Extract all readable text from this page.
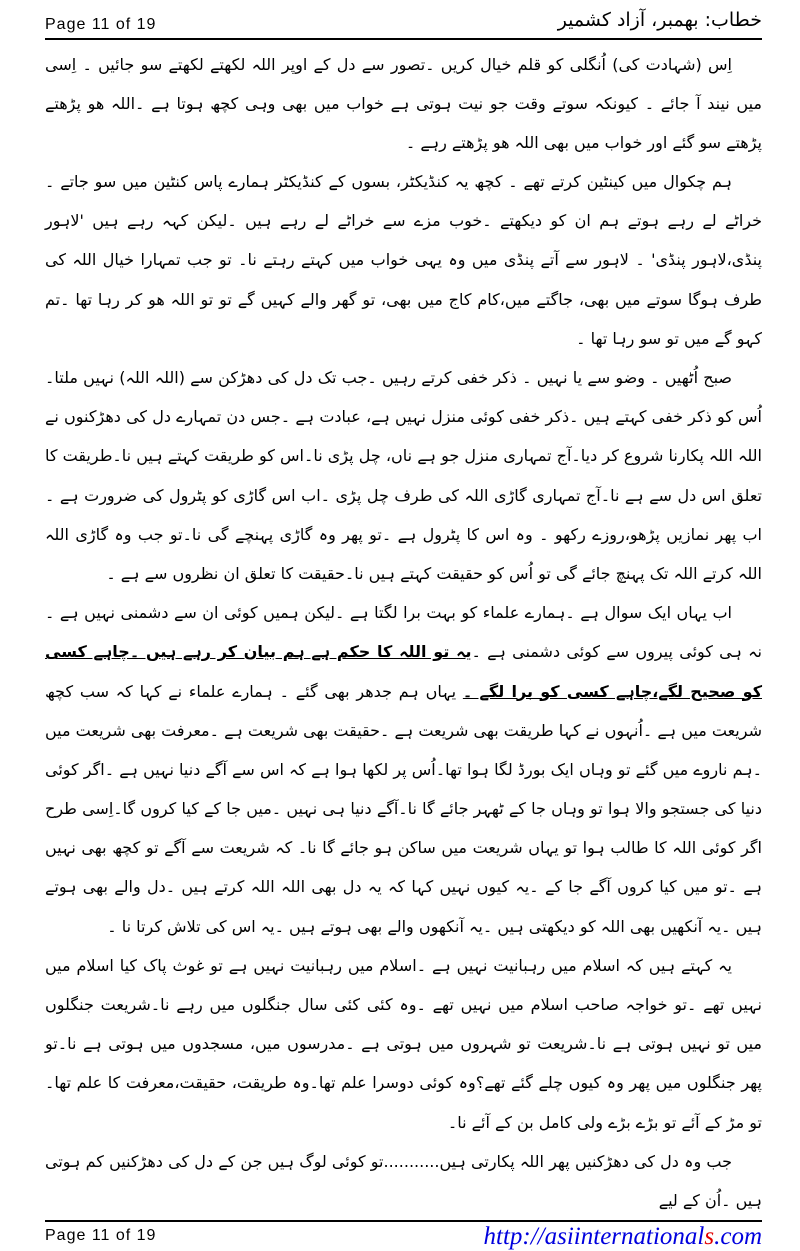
Page 11 of 19	خطاب: بھمبر، آزاد کشمیر

اِس (شہادت کی) اُنگلی کو قلم خیال کریں ۔تصور سے دل کے اوپر اللہ لکھتے لکھتے سو جائیں ۔ اِسی میں نیند آ جائے ۔ کیونکہ سوتے وقت جو نیت ہوتی ہے خواب میں بھی وہی کچھ ہوتا ہے ۔اللہ ھو پڑھتے پڑھتے سو گئے اور خواب میں بھی اللہ ھو پڑھتے رہے ۔

ہم چکوال میں کینٹین کرتے تھے ۔ کچھ یہ کنڈیکٹر، بسوں کے کنڈیکٹر ہمارے پاس کنٹین میں سو جاتے ۔خراٹے لے رہے ہوتے ہم ان کو دیکھتے ۔خوب مزے سے خراٹے لے رہے ہیں ۔لیکن کہہ رہے ہیں 'لاہور پنڈی،لاہور پنڈی' ۔ لاہور سے آتے پنڈی میں وہ یہی خواب میں کہتے رہتے نا۔ تو جب تمہارا خیال اللہ کی طرف ہوگا سوتے میں بھی، جاگتے میں،کام کاج میں بھی، تو گھر والے کہیں گے تو تو اللہ ھو کر رہا تھا ۔تم کہو گے میں تو سو رہا تھا ۔

صبح اُٹھیں ۔ وضو سے یا نہیں ۔ ذکر خفی کرتے رہیں ۔جب تک دل کی دھڑکن سے (اللہ اللہ) نہیں ملتا۔اُس کو ذکر خفی کہتے ہیں ۔ذکر خفی کوئی منزل نہیں ہے، عبادت ہے ۔جس دن تمہارے دل کی دھڑکنوں نے اللہ اللہ پکارنا شروع کر دیا۔آج تمہاری منزل جو ہے ناں، چل پڑی نا۔اس کو طریقت کہتے ہیں نا۔طریقت کا تعلق اس دل سے ہے نا۔آج تمہاری گاڑی اللہ کی طرف چل پڑی ۔اب اس گاڑی کو پٹرول کی ضرورت ہے ۔اب پھر نمازیں پڑھو،روزے رکھو ۔ وہ اس کا پٹرول ہے ۔تو پھر وہ گاڑی پہنچے گی نا۔تو جب وہ گاڑی اللہ اللہ کرتے اللہ تک پہنچ جائے گی تو اُس کو حقیقت کہتے ہیں نا۔حقیقت کا تعلق ان نظروں سے ہے ۔

اب یہاں ایک سوال ہے ۔ہمارے علماء کو بہت برا لگتا ہے ۔لیکن ہمیں کوئی ان سے دشمنی نہیں ہے ۔نہ ہی کوئی پیروں سے کوئی دشمنی ہے ۔یہ تو اللہ کا حکم ہے ہم بیان کر رہے ہیں ۔چاہے کسی کو صحیح لگے،چاہے کسی کو برا لگے ۔ یہاں ہم جدھر بھی گئے ۔ ہمارے علماء نے کہا کہ سب کچھ شریعت میں ہے ۔اُنہوں نے کہا طریقت بھی شریعت ہے ۔حقیقت بھی شریعت ہے ۔معرفت بھی شریعت میں ۔ہم ناروے میں گئے تو وہاں ایک بورڈ لگا ہوا تھا۔اُس پر لکھا ہوا ہے کہ اس سے آگے دنیا نہیں ہے ۔اگر کوئی دنیا کی جستجو والا ہوا تو وہاں جا کے ٹھہر جائے گا نا۔آگے دنیا ہی نہیں ۔میں جا کے کیا کروں گا۔اِسی طرح اگر کوئی اللہ کا طالب ہوا تو یہاں شریعت میں ساکن ہو جائے گا نا۔ کہ شریعت سے آگے تو کچھ بھی نہیں ہے ۔تو میں کیا کروں آگے جا کے ۔یہ کیوں نہیں کہا کہ یہ دل بھی اللہ اللہ کرتے ہیں ۔دل والے بھی ہوتے ہیں ۔یہ آنکھیں بھی اللہ کو دیکھتی ہیں ۔یہ آنکھوں والے بھی ہوتے ہیں ۔یہ اس کی تلاش کرتا نا ۔

یہ کہتے ہیں کہ اسلام میں رہبانیت نہیں ہے ۔اسلام میں رہبانیت نہیں ہے تو غوث پاک کیا اسلام میں نہیں تھے ۔تو خواجہ صاحب اسلام میں نہیں تھے ۔وہ کئی کئی سال جنگلوں میں رہے نا۔شریعت جنگلوں میں تو نہیں ہوتی ہے نا۔شریعت تو شہروں میں ہوتی ہے ۔مدرسوں میں، مسجدوں میں ہوتی ہے نا۔تو پھر جنگلوں میں پھر وہ کیوں چلے گئے تھے؟وہ کوئی دوسرا علم تھا۔وہ طریقت، حقیقت،معرفت کا علم تھا۔تو مڑ کے آئے تو بڑے بڑے ولی کامل بن کے آئے نا۔

جب وہ دل کی دھڑکنیں پھر اللہ پکارتی ہیں...........تو کوئی لوگ ہیں جن کے دل کی دھڑکنیں کم ہوتی ہیں ۔اُن کے لیے

Page 11 of 19	http://asiinternationals.com
